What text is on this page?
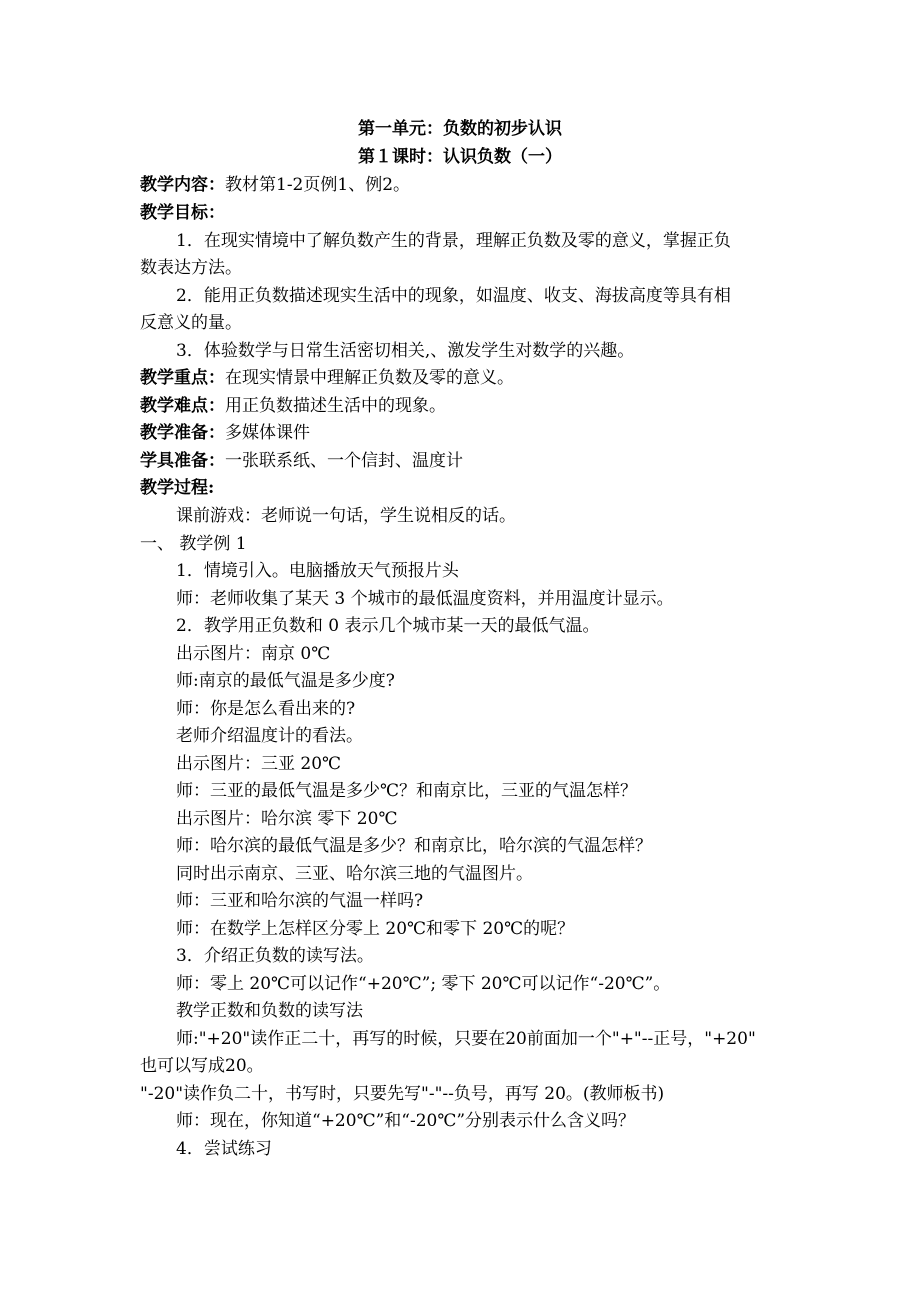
第一单元：负数的初步认识
第１课时：认识负数（一）
教学内容：教材第1-2页例1、例2。
教学目标：
1．在现实情境中了解负数产生的背景，理解正负数及零的意义，掌握正负
数表达方法。
2．能用正负数描述现实生活中的现象，如温度、收支、海拔高度等具有相
反意义的量。
3．体验数学与日常生活密切相关,、激发学生对数学的兴趣。
教学重点：在现实情景中理解正负数及零的意义。
教学难点：用正负数描述生活中的现象。
教学准备：多媒体课件
学具准备：一张联系纸、一个信封、温度计
教学过程:
课前游戏：老师说一句话，学生说相反的话。
一、 教学例 1
1．情境引入。电脑播放天气预报片头
师：老师收集了某天 3 个城市的最低温度资料，并用温度计显示。
2．教学用正负数和 0 表示几个城市某一天的最低气温。
出示图片：南京 0℃
师:南京的最低气温是多少度?
师：你是怎么看出来的?
老师介绍温度计的看法。
出示图片：三亚 20℃
师：三亚的最低气温是多少℃？和南京比，三亚的气温怎样？
出示图片：哈尔滨 零下 20℃
师：哈尔滨的最低气温是多少？和南京比，哈尔滨的气温怎样？
同时出示南京、三亚、哈尔滨三地的气温图片。
师：三亚和哈尔滨的气温一样吗?
师：在数学上怎样区分零上 20℃和零下 20℃的呢？
3．介绍正负数的读写法。
师：零上 20℃可以记作“+20℃”; 零下 20℃可以记作“-20℃”。
教学正数和负数的读写法
师:"+20"读作正二十，再写的时候，只要在20前面加一个"+"--正号，"+20"
也可以写成20。
"-20"读作负二十，书写时，只要先写"-"--负号，再写 20。(教师板书)
师：现在，你知道“+20℃”和“-20℃”分别表示什么含义吗？
4．尝试练习
